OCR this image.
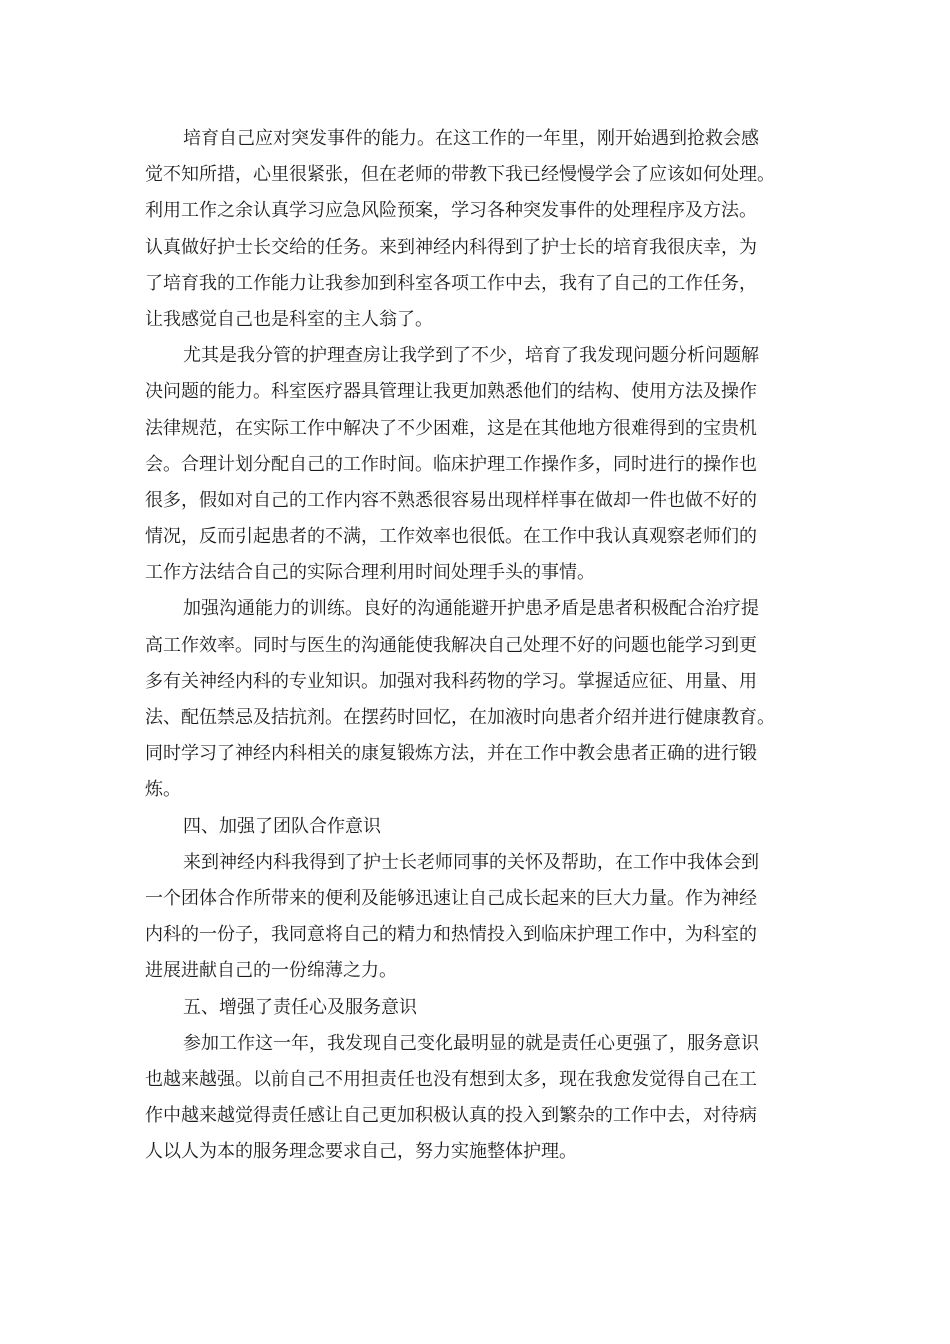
培育自己应对突发事件的能力。在这工作的一年里，刚开始遇到抢救会感
觉不知所措，心里很紧张，但在老师的带教下我已经慢慢学会了应该如何处理。
利用工作之余认真学习应急风险预案，学习各种突发事件的处理程序及方法。
认真做好护士长交给的任务。来到神经内科得到了护士长的培育我很庆幸，为
了培育我的工作能力让我参加到科室各项工作中去，我有了自己的工作任务，
让我感觉自己也是科室的主人翁了。
尤其是我分管的护理查房让我学到了不少，培育了我发现问题分析问题解
决问题的能力。科室医疗器具管理让我更加熟悉他们的结构、使用方法及操作
法律规范，在实际工作中解决了不少困难，这是在其他地方很难得到的宝贵机
会。合理计划分配自己的工作时间。临床护理工作操作多，同时进行的操作也
很多，假如对自己的工作内容不熟悉很容易出现样样事在做却一件也做不好的
情况，反而引起患者的不满，工作效率也很低。在工作中我认真观察老师们的
工作方法结合自己的实际合理利用时间处理手头的事情。
加强沟通能力的训练。良好的沟通能避开护患矛盾是患者积极配合治疗提
高工作效率。同时与医生的沟通能使我解决自己处理不好的问题也能学习到更
多有关神经内科的专业知识。加强对我科药物的学习。掌握适应征、用量、用
法、配伍禁忌及拮抗剂。在摆药时回忆，在加液时向患者介绍并进行健康教育。
同时学习了神经内科相关的康复锻炼方法，并在工作中教会患者正确的进行锻
炼。
四、加强了团队合作意识
来到神经内科我得到了护士长老师同事的关怀及帮助，在工作中我体会到
一个团体合作所带来的便利及能够迅速让自己成长起来的巨大力量。作为神经
内科的一份子，我同意将自己的精力和热情投入到临床护理工作中，为科室的
进展进献自己的一份绵薄之力。
五、增强了责任心及服务意识
参加工作这一年，我发现自己变化最明显的就是责任心更强了，服务意识
也越来越强。以前自己不用担责任也没有想到太多，现在我愈发觉得自己在工
作中越来越觉得责任感让自己更加积极认真的投入到繁杂的工作中去，对待病
人以人为本的服务理念要求自己，努力实施整体护理。
